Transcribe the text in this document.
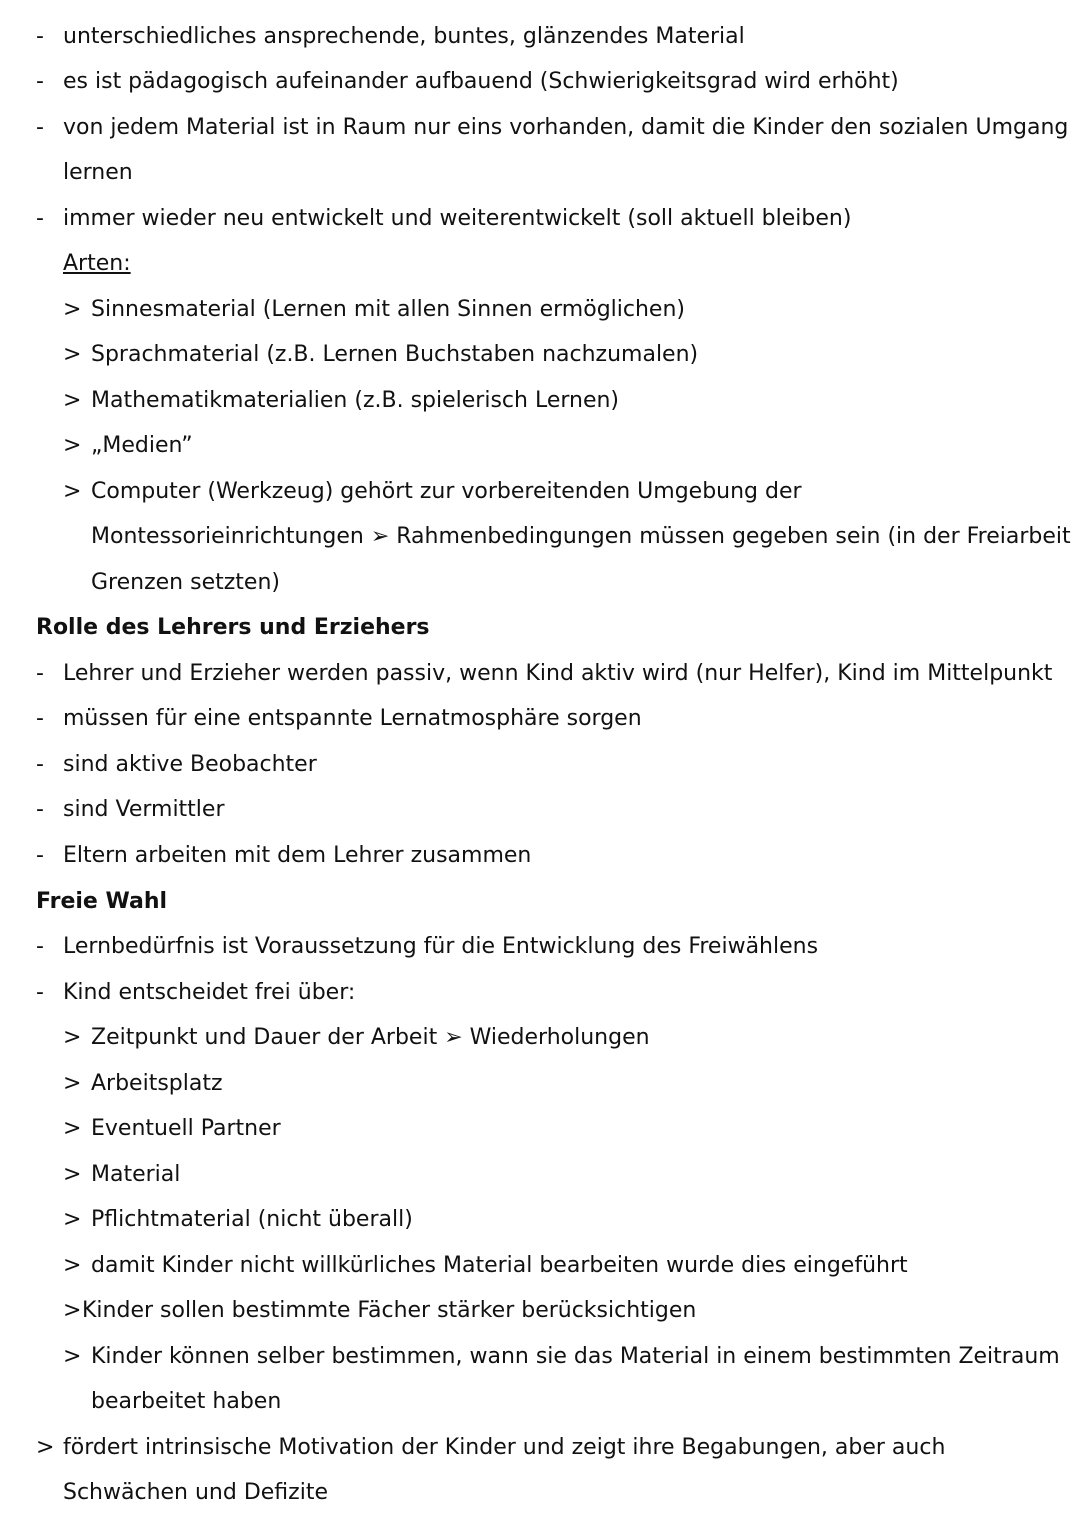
- unterschiedliches ansprechende, buntes, glänzendes Material
- es ist pädagogisch aufeinander aufbauend (Schwierigkeitsgrad wird erhöht)
- von jedem Material ist in Raum nur eins vorhanden, damit die Kinder den sozialen Umgang
lernen
- immer wieder neu entwickelt und weiterentwickelt (soll aktuell bleiben)
Arten:
> Sinnesmaterial (Lernen mit allen Sinnen ermöglichen)
> Sprachmaterial (z.B. Lernen Buchstaben nachzumalen)
> Mathematikmaterialien (z.B. spielerisch Lernen)
> „Medien”
> Computer (Werkzeug) gehört zur vorbereitenden Umgebung der
Montessorieinrichtungen ➢ Rahmenbedingungen müssen gegeben sein (in der Freiarbeit
Grenzen setzten)
Rolle des Lehrers und Erziehers
- Lehrer und Erzieher werden passiv, wenn Kind aktiv wird (nur Helfer), Kind im Mittelpunkt
- müssen für eine entspannte Lernatmosphäre sorgen
- sind aktive Beobachter
- sind Vermittler
- Eltern arbeiten mit dem Lehrer zusammen
Freie Wahl
- Lernbedürfnis ist Voraussetzung für die Entwicklung des Freiwählens
- Kind entscheidet frei über:
> Zeitpunkt und Dauer der Arbeit ➢ Wiederholungen
> Arbeitsplatz
> Eventuell Partner
> Material
> Pflichtmaterial (nicht überall)
> damit Kinder nicht willkürliches Material bearbeiten wurde dies eingeführt
> Kinder sollen bestimmte Fächer stärker berücksichtigen
> Kinder können selber bestimmen, wann sie das Material in einem bestimmten Zeitraum
bearbeitet haben
> fördert intrinsische Motivation der Kinder und zeigt ihre Begabungen, aber auch
Schwächen und Defizite
